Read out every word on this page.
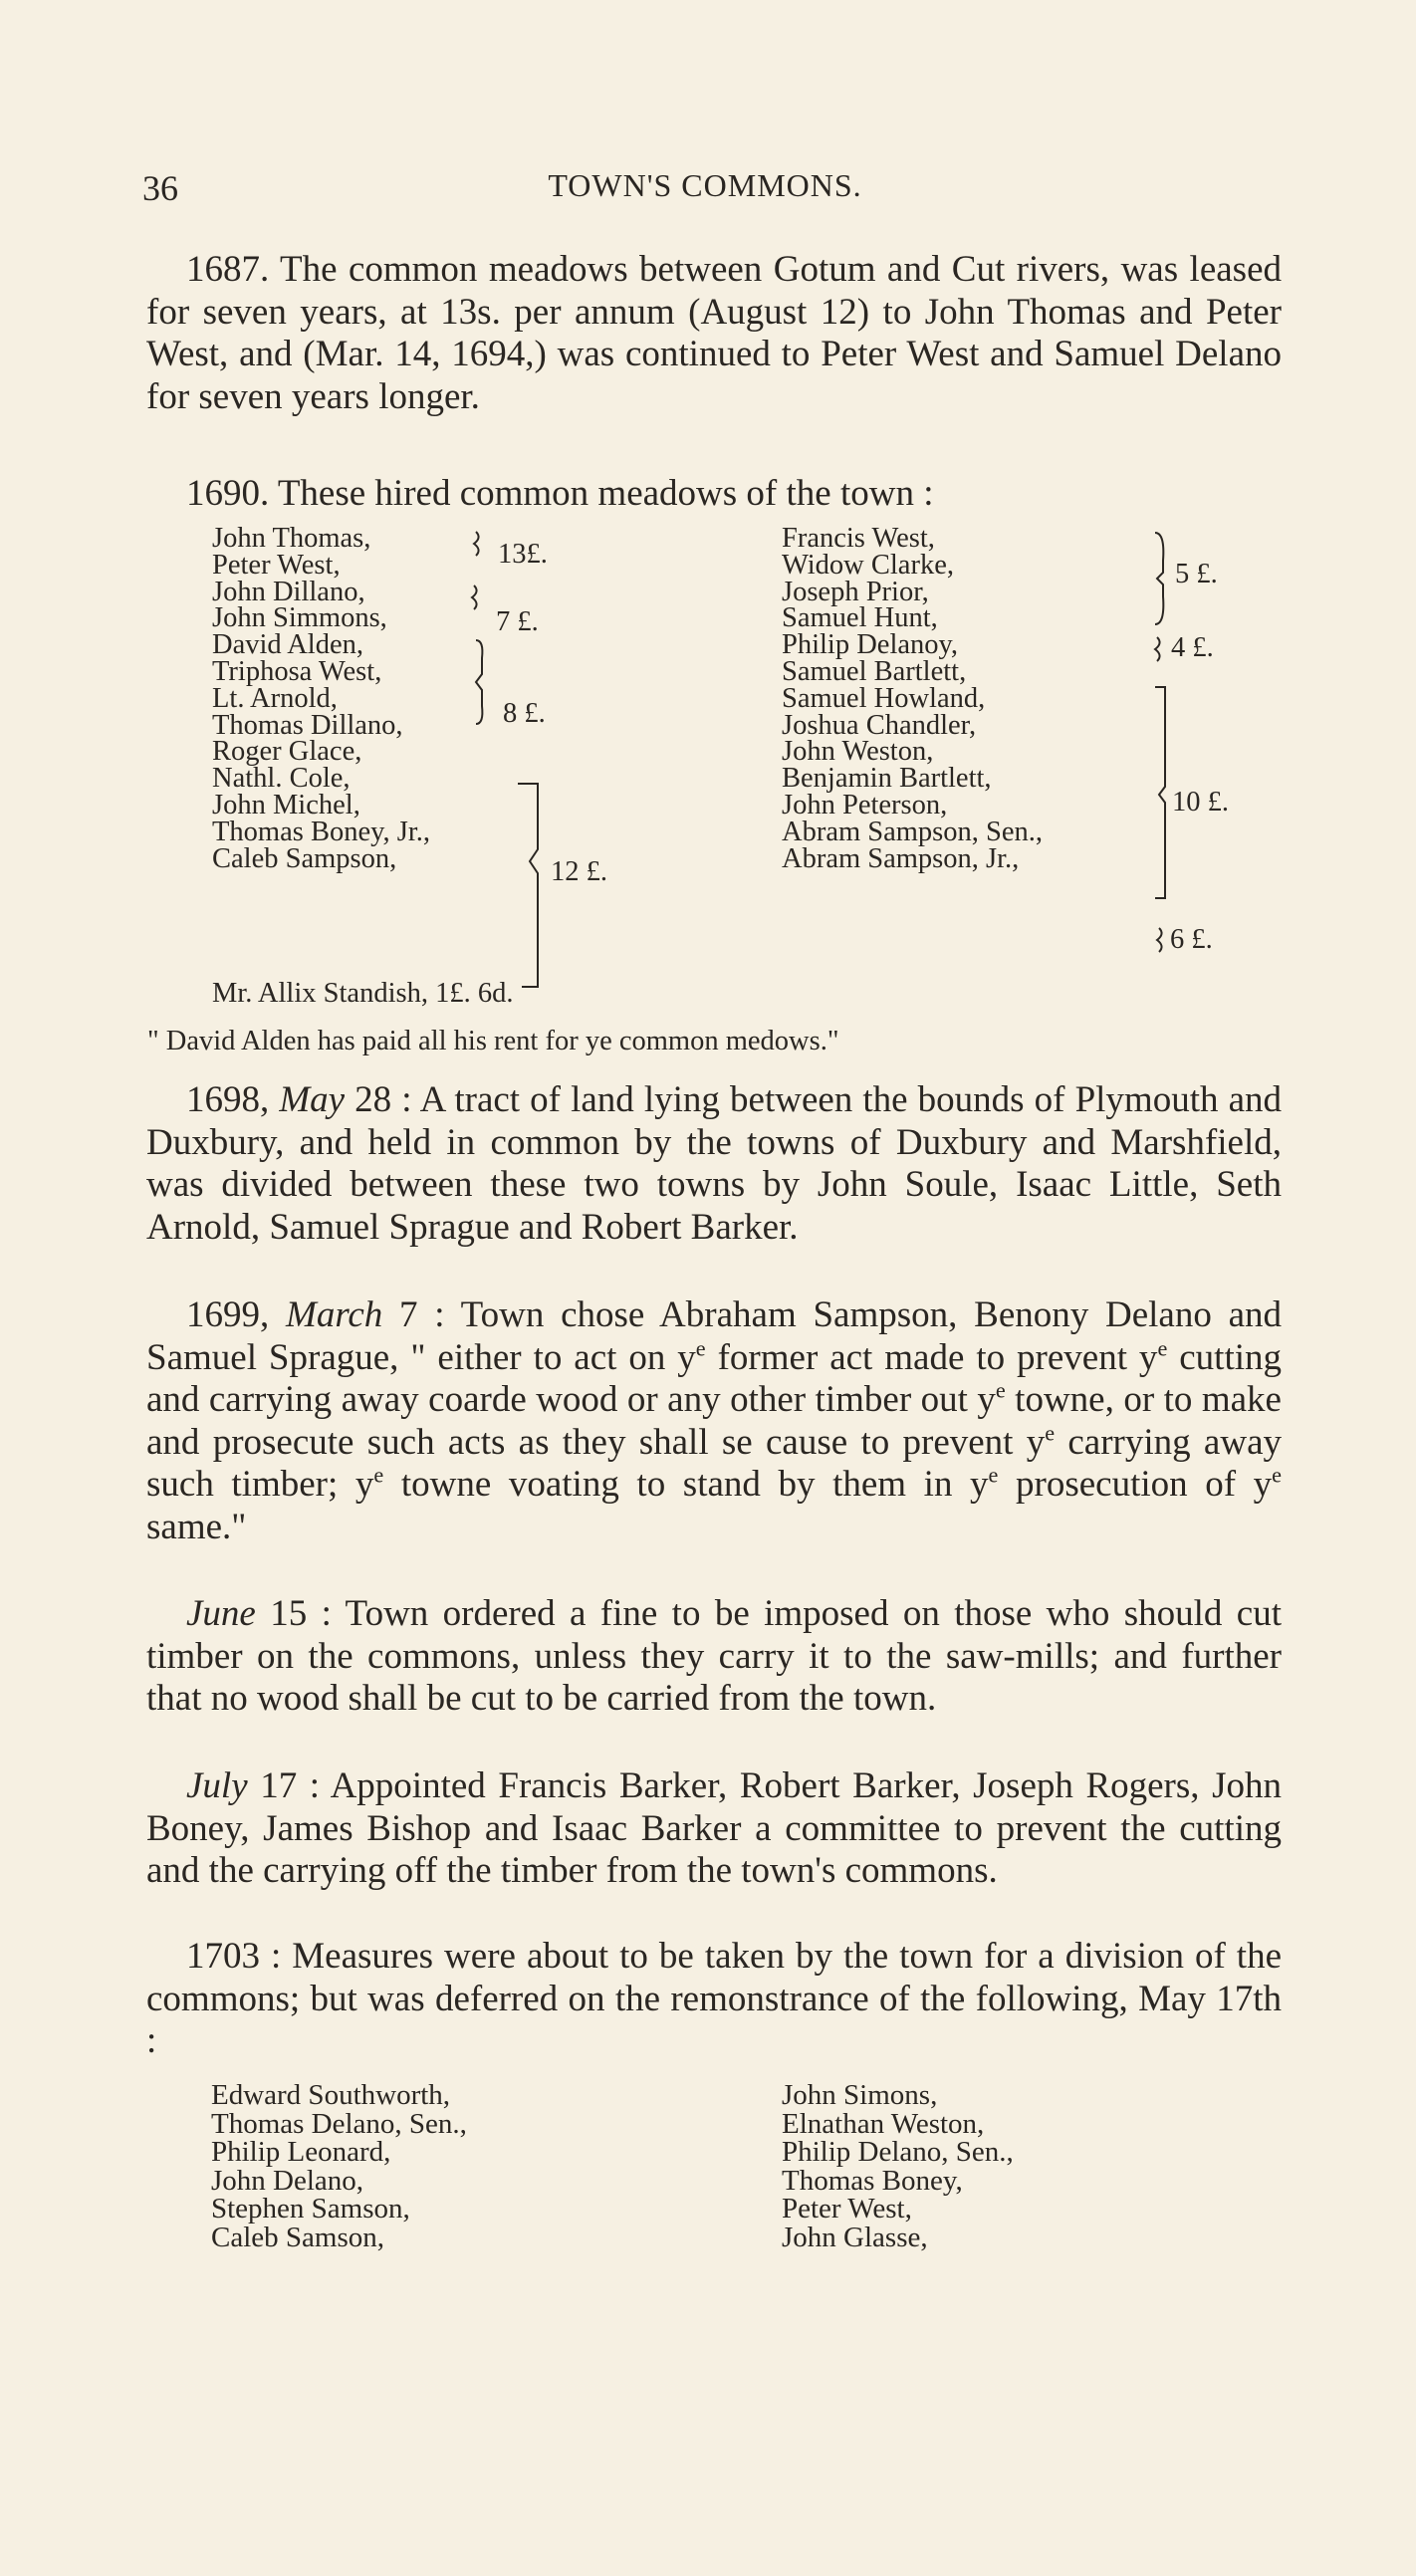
36	TOWN'S COMMONS.

1687. The common meadows between Gotum and Cut rivers, was leased for seven years, at 13s. per annum (August 12) to John Thomas and Peter West, and (Mar. 14, 1694,) was continued to Peter West and Samuel Delano for seven years longer.

1690. These hired common meadows of the town :

John Thomas,
Peter West,
John Dillano,
John Simmons,
David Alden,
Triphosa West,
Lt. Arnold,
Thomas Dillano,
Roger Glace,
Nathl. Cole,
John Michel,
Thomas Boney, Jr.,
Caleb Sampson,
Francis West,
Widow Clarke,
Joseph Prior,
Samuel Hunt,
Philip Delanoy,
Samuel Bartlett,
Samuel Howland,
Joshua Chandler,
John Weston,
Benjamin Bartlett,
John Peterson,
Abram Sampson, Sen.,
Abram Sampson, Jr.,
13£.
7 £.
8 £.
12 £.
Mr. Allix Standish, 1£. 6d.
5 £.
4 £.
10 £.
6 £.
" David Alden has paid all his rent for ye common medows."

1698, May 28 : A tract of land lying between the bounds of Plymouth and Duxbury, and held in common by the towns of Duxbury and Marshfield, was divided between these two towns by John Soule, Isaac Little, Seth Arnold, Samuel Sprague and Robert Barker.

1699, March 7 : Town chose Abraham Sampson, Benony Delano and Samuel Sprague, " either to act on $y^e$ former act made to prevent $y^e$ cutting and carrying away coarde wood or any other timber out $y^e$ towne, or to make and prosecute such acts as they shall se cause to prevent $y^e$ carrying away such timber; $y^e$ towne voating to stand by them in $y^e$ prosecution of $y^e$ same."

June 15 : Town ordered a fine to be imposed on those who should cut timber on the commons, unless they carry it to the saw-mills; and further that no wood shall be cut to be carried from the town.

July 17 : Appointed Francis Barker, Robert Barker, Joseph Rogers, John Boney, James Bishop and Isaac Barker a committee to prevent the cutting and the carrying off the timber from the town's commons.

1703 : Measures were about to be taken by the town for a division of the commons; but was deferred on the remonstrance of the following, May 17th :

Edward Southworth,
Thomas Delano, Sen.,
Philip Leonard,
John Delano,
Stephen Samson,
Caleb Samson,
John Simons,
Elnathan Weston,
Philip Delano, Sen.,
Thomas Boney,
Peter West,
John Glasse,
